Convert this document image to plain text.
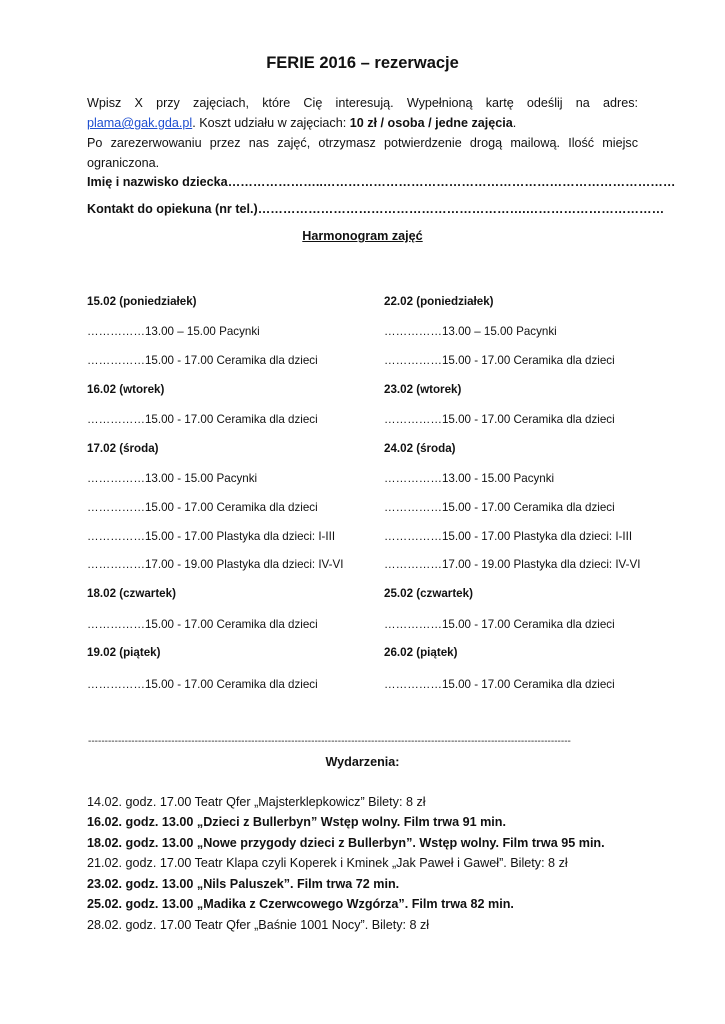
FERIE 2016 – rezerwacje

Wpisz X przy zajęciach, które Cię interesują. Wypełnioną kartę odeślij na adres:

plama@gak.gda.pl. Koszt udziału w zajęciach: 10 zł / osoba / jedne zajęcia.

Po zarezerwowaniu przez nas zajęć, otrzymasz potwierdzenie drogą mailową. Ilość miejsc ograniczona.

Imię i nazwisko dziecka…………………..…………………………………………………………………………
Kontakt do opiekuna (nr tel.)……………………………………………………….……………………………
Harmonogram zajęć
15.02 (poniedziałek)
……………13.00 – 15.00 Pacynki
……………15.00 - 17.00 Ceramika dla dzieci
16.02 (wtorek)
……………15.00 - 17.00 Ceramika dla dzieci
17.02 (środa)
……………13.00 - 15.00 Pacynki
……………15.00 - 17.00 Ceramika dla dzieci
……………15.00 - 17.00 Plastyka dla dzieci: I-III
……………17.00 - 19.00 Plastyka dla dzieci: IV-VI
18.02 (czwartek)
……………15.00 - 17.00 Ceramika dla dzieci
19.02 (piątek)
……………15.00 - 17.00 Ceramika dla dzieci
22.02 (poniedziałek)
……………13.00 – 15.00 Pacynki
……………15.00 - 17.00 Ceramika dla dzieci
23.02 (wtorek)
……………15.00 - 17.00 Ceramika dla dzieci
24.02 (środa)
……………13.00 - 15.00 Pacynki
……………15.00 - 17.00 Ceramika dla dzieci
……………15.00 - 17.00 Plastyka dla dzieci: I-III
……………17.00 - 19.00 Plastyka dla dzieci: IV-VI
25.02 (czwartek)
……………15.00 - 17.00 Ceramika dla dzieci
26.02 (piątek)
……………15.00 - 17.00 Ceramika dla dzieci
-------------------------------------------------------------------------------------------------------------------------------------------------
Wydarzenia:
14.02. godz. 17.00 Teatr Qfer „Majsterklepkowicz” Bilety: 8 zł
16.02. godz. 13.00 „Dzieci z Bullerbyn” Wstęp wolny. Film trwa 91 min.
18.02. godz. 13.00 „Nowe przygody dzieci z Bullerbyn”. Wstęp wolny. Film trwa 95 min.
21.02. godz. 17.00 Teatr Klapa czyli Koperek i Kminek „Jak Paweł i Gaweł”. Bilety: 8 zł
23.02. godz. 13.00 „Nils Paluszek”. Film trwa 72 min.
25.02. godz. 13.00 „Madika z Czerwcowego Wzgórza”. Film trwa 82 min.
28.02. godz. 17.00 Teatr Qfer „Baśnie 1001 Nocy”. Bilety: 8 zł
